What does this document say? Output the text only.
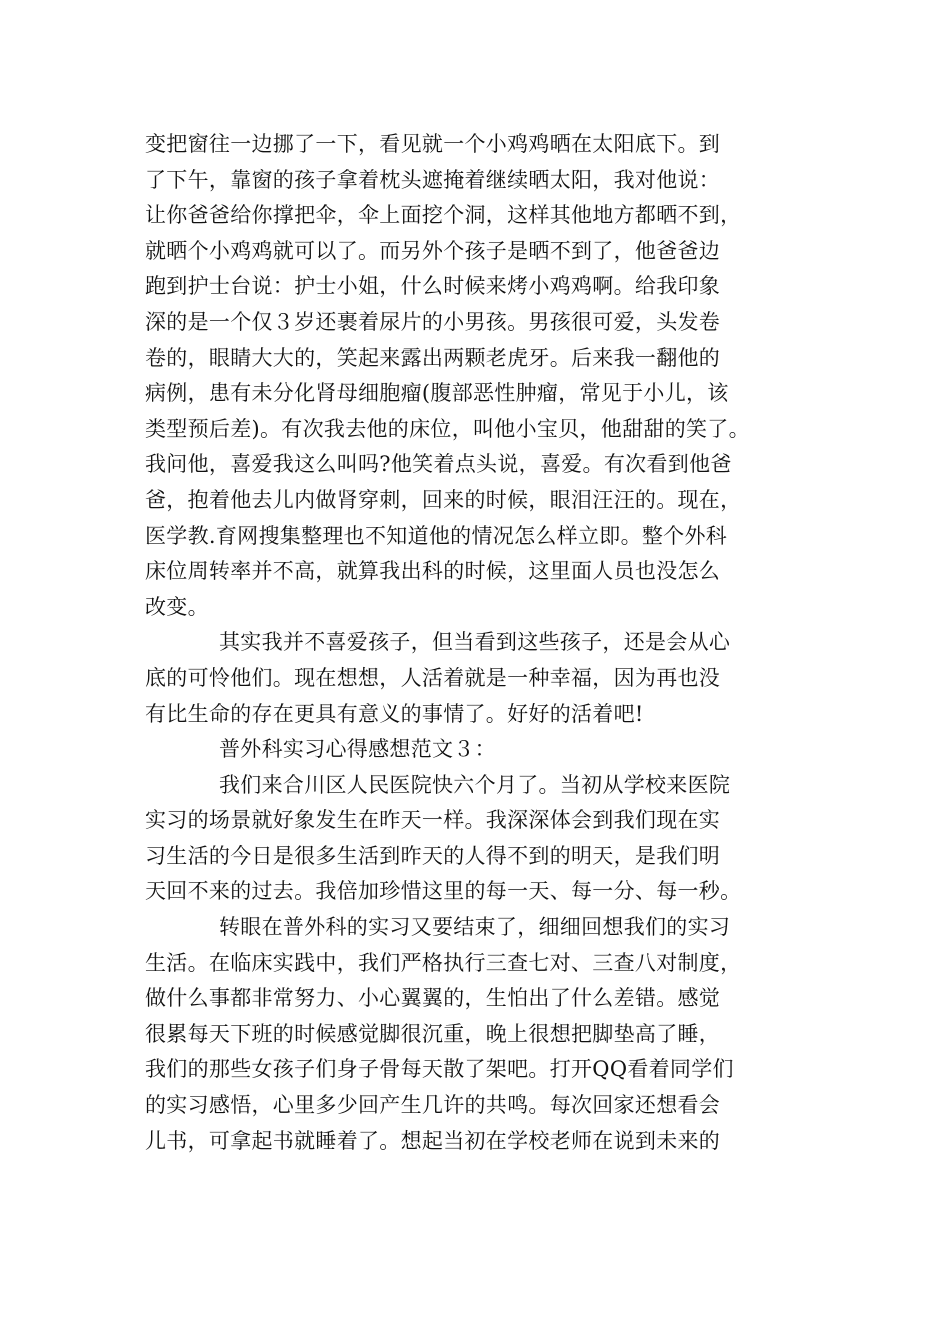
变把窗往一边挪了一下，看见就一个小鸡鸡晒在太阳底下。到
了下午，靠窗的孩子拿着枕头遮掩着继续晒太阳，我对他说：
让你爸爸给你撑把伞，伞上面挖个洞，这样其他地方都晒不到，
就晒个小鸡鸡就可以了。而另外个孩子是晒不到了，他爸爸边
跑到护士台说：护士小姐，什么时候来烤小鸡鸡啊。给我印象
深的是一个仅３岁还裹着尿片的小男孩。男孩很可爱，头发卷
卷的，眼睛大大的，笑起来露出两颗老虎牙。后来我一翻他的
病例，患有未分化肾母细胞瘤(腹部恶性肿瘤，常见于小儿，该
类型预后差)。有次我去他的床位，叫他小宝贝，他甜甜的笑了。
我问他，喜爱我这么叫吗?他笑着点头说，喜爱。有次看到他爸
爸，抱着他去儿内做肾穿刺，回来的时候，眼泪汪汪的。现在，
医学教.育网搜集整理也不知道他的情况怎么样立即。整个外科
床位周转率并不高，就算我出科的时候，这里面人员也没怎么
改变。
其实我并不喜爱孩子，但当看到这些孩子，还是会从心
底的可怜他们。现在想想，人活着就是一种幸福，因为再也没
有比生命的存在更具有意义的事情了。好好的活着吧!
普外科实习心得感想范文３：
我们来合川区人民医院快六个月了。当初从学校来医院
实习的场景就好象发生在昨天一样。我深深体会到我们现在实
习生活的今日是很多生活到昨天的人得不到的明天，是我们明
天回不来的过去。我倍加珍惜这里的每一天、每一分、每一秒。
转眼在普外科的实习又要结束了，细细回想我们的实习
生活。在临床实践中，我们严格执行三查七对、三查八对制度，
做什么事都非常努力、小心翼翼的，生怕出了什么差错。感觉
很累每天下班的时候感觉脚很沉重，晚上很想把脚垫高了睡，
我们的那些女孩子们身子骨每天散了架吧。打开QQ看着同学们
的实习感悟，心里多少回产生几许的共鸣。每次回家还想看会
儿书，可拿起书就睡着了。想起当初在学校老师在说到未来的
